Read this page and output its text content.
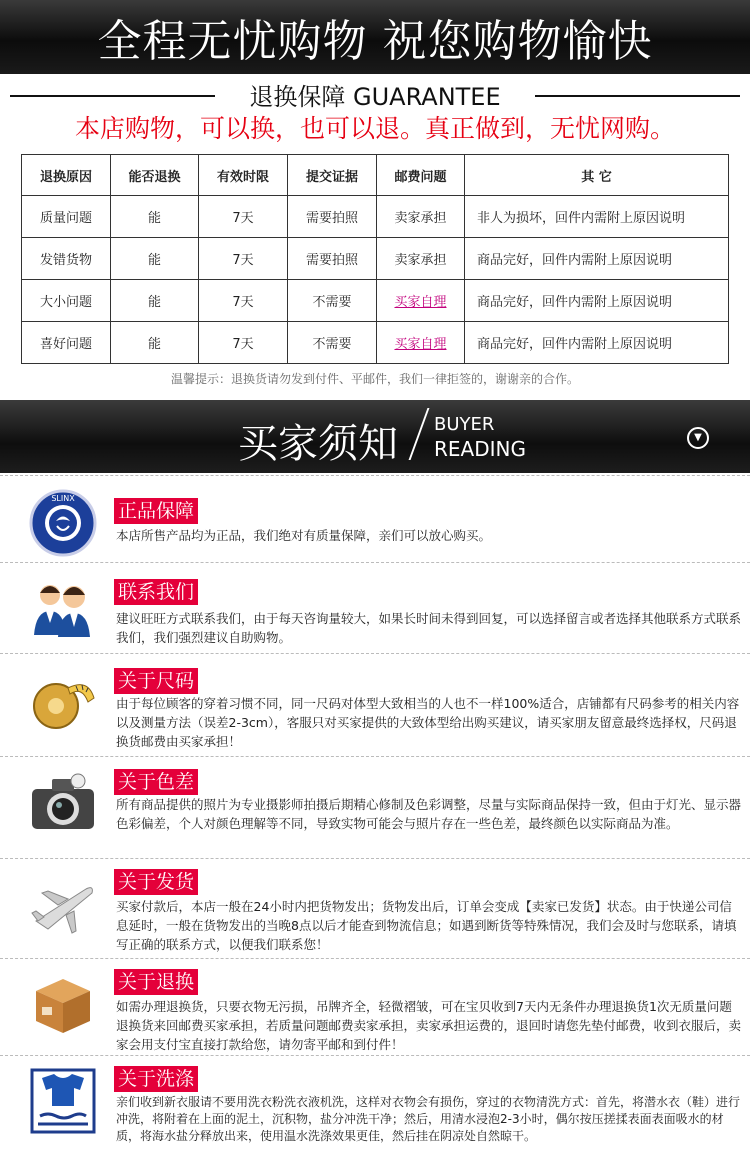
全程无忧购物 祝您购物愉快
退换保障 GUARANTEE
本店购物，可以换，也可以退。真正做到，无忧网购。
退换原因	能否退换	有效时限	提交证据	邮费问题	其 它
质量问题	能	7天	需要拍照	卖家承担	非人为损坏，回件内需附上原因说明
发错货物	能	7天	需要拍照	卖家承担	商品完好，回件内需附上原因说明
大小问题	能	7天	不需要	买家自理	商品完好，回件内需附上原因说明
喜好问题	能	7天	不需要	买家自理	商品完好，回件内需附上原因说明
温馨提示：退换货请勿发到付件、平邮件，我们一律拒签的，谢谢亲的合作。
买家须知 BUYER
READING	▼
SLINX
正品保障
本店所售产品均为正品，我们绝对有质量保障，亲们可以放心购买。
联系我们
建议旺旺方式联系我们，由于每天咨询量较大，如果长时间未得到回复，可以选择留言或者选择其他联系方式联系我们，我们强烈建议自助购物。
关于尺码
由于每位顾客的穿着习惯不同，同一尺码对体型大致相当的人也不一样100%适合，店铺都有尺码参考的相关内容以及测量方法（误差2-3cm），客服只对买家提供的大致体型给出购买建议，请买家朋友留意最终选择权，尺码退换货邮费由买家承担！
关于色差
所有商品提供的照片为专业摄影师拍摄后期精心修制及色彩调整，尽量与实际商品保持一致，但由于灯光、显示器色彩偏差，个人对颜色理解等不同，导致实物可能会与照片存在一些色差，最终颜色以实际商品为准。
关于发货
买家付款后，本店一般在24小时内把货物发出；货物发出后，订单会变成【卖家已发货】状态。由于快递公司信息延时，一般在货物发出的当晚8点以后才能查到物流信息；如遇到断货等特殊情况，我们会及时与您联系，请填写正确的联系方式，以便我们联系您！
关于退换
如需办理退换货，只要衣物无污损，吊牌齐全，轻微褶皱，可在宝贝收到7天内无条件办理退换货1次无质量问题退换货来回邮费买家承担，若质量问题邮费卖家承担，卖家承担运费的，退回时请您先垫付邮费，收到衣服后，卖家会用支付宝直接打款给您，请勿寄平邮和到付件！
关于洗涤
亲们收到新衣服请不要用洗衣粉洗衣液机洗，这样对衣物会有损伤，穿过的衣物清洗方式：首先，将潜水衣（鞋）进行冲洗，将附着在上面的泥土，沉积物，盐分冲洗干净；然后，用清水浸泡2-3小时，偶尔按压搓揉表面表面吸水的材质，将海水盐分释放出来，使用温水洗涤效果更佳，然后挂在阴凉处自然晾干。
